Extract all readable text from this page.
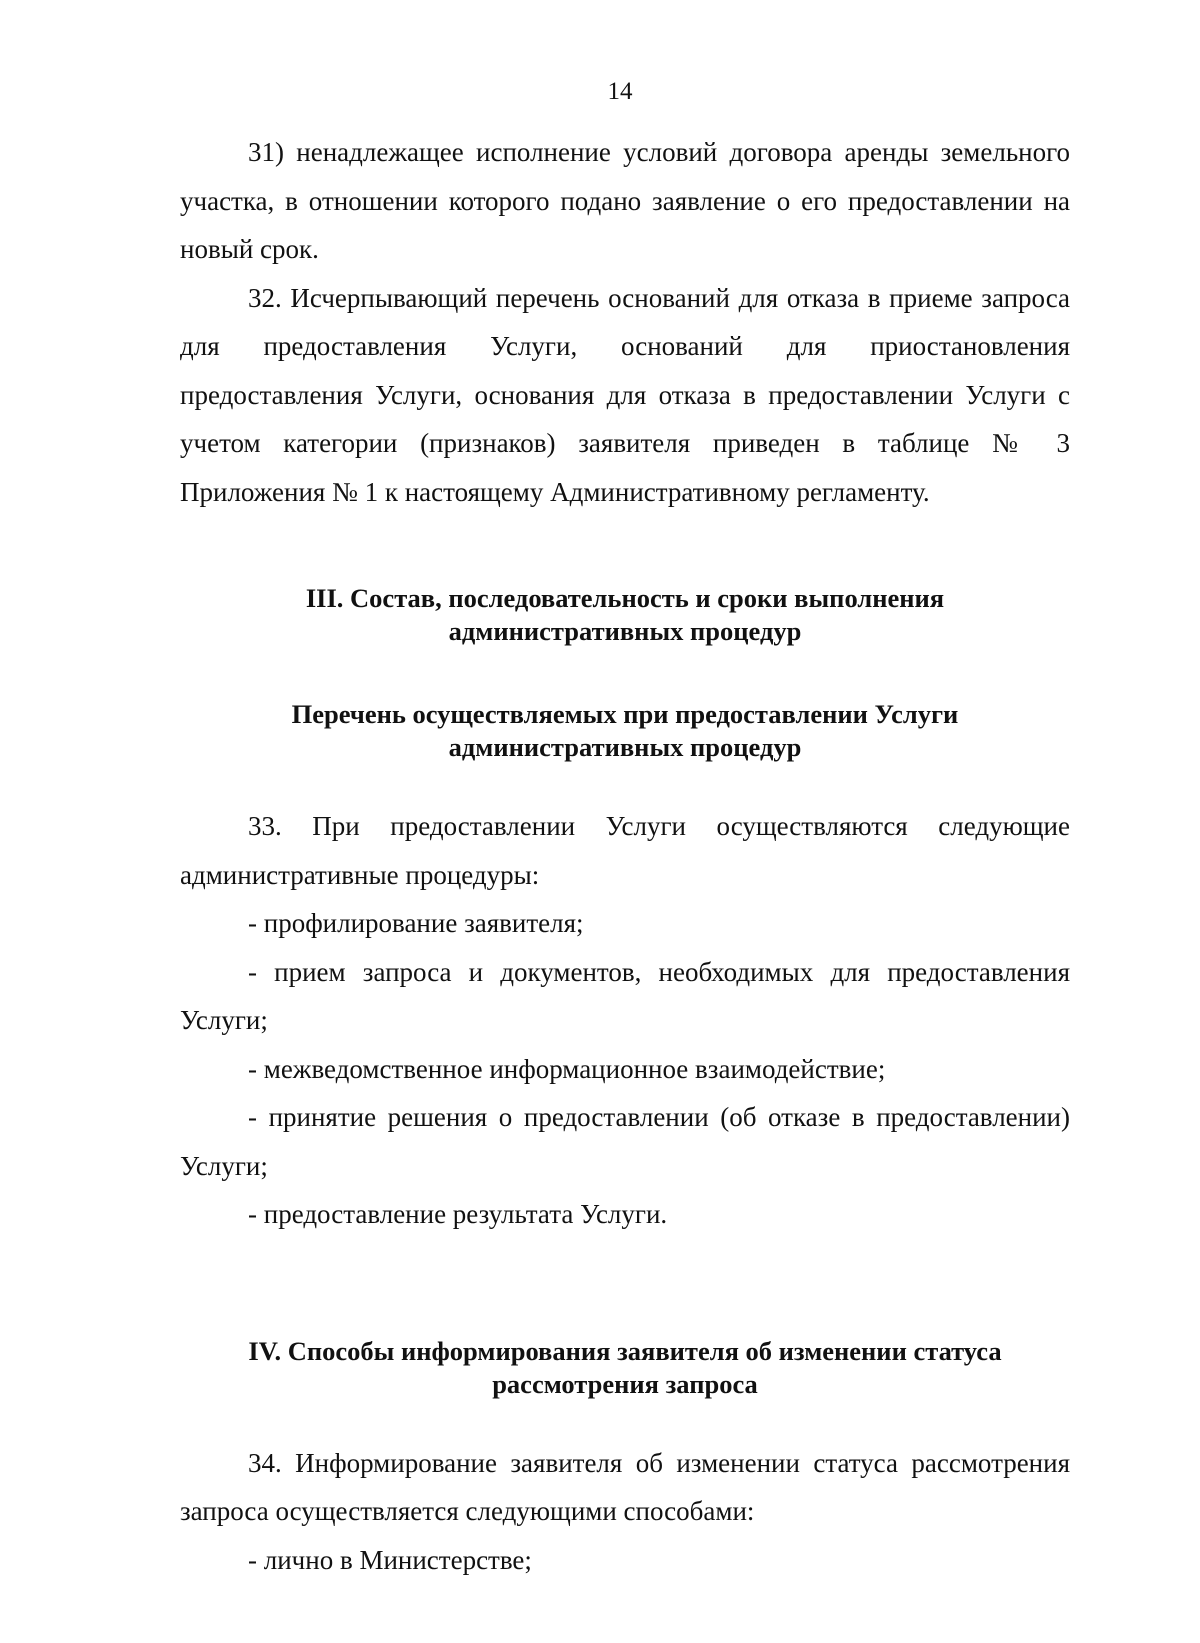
14

31) ненадлежащее исполнение условий договора аренды земельного участка, в отношении которого подано заявление о его предоставлении на новый срок.

32. Исчерпывающий перечень оснований для отказа в приеме запроса для предоставления Услуги, оснований для приостановления предоставления Услуги, основания для отказа в предоставлении Услуги с учетом категории (признаков) заявителя приведен в таблице № 3 Приложения № 1 к настоящему Административному регламенту.

III. Состав, последовательность и сроки выполнения
административных процедур

Перечень осуществляемых при предоставлении Услуги
административных процедур

33. При предоставлении Услуги осуществляются следующие административные процедуры:

- профилирование заявителя;

- прием запроса и документов, необходимых для предоставления Услуги;

- межведомственное информационное взаимодействие;

- принятие решения о предоставлении (об отказе в предоставлении) Услуги;

- предоставление результата Услуги.

IV. Способы информирования заявителя об изменении статуса
рассмотрения запроса

34. Информирование заявителя об изменении статуса рассмотрения запроса осуществляется следующими способами:

- лично в Министерстве;
